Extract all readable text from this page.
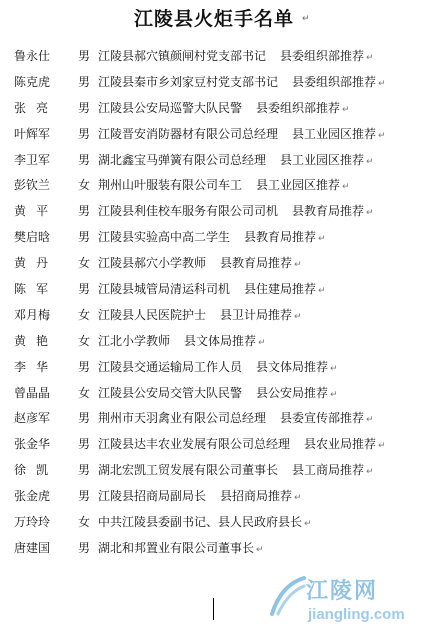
江陵县火炬手名单 ↵
鲁永仕	男 江陵县郝穴镇颜闸村党支部书记 县委组织部推荐 ↵
陈克虎	男 江陵县秦市乡刘家豆村党支部书记 县委组织部推荐 ↵
张亮	男 江陵县公安局巡警大队民警 县委组织部推荐 ↵
叶辉军	男 江陵晋安消防器材有限公司总经理 县工业园区推荐 ↵
李卫军	男 湖北鑫宝马弹簧有限公司总经理 县工业园区推荐 ↵
彭钦兰	女 荆州山叶服装有限公司车工 县工业园区推荐 ↵
黄平	男 江陵县利佳校车服务有限公司司机 县教育局推荐 ↵
樊启晗	男 江陵县实验高中高二学生 县教育局推荐 ↵
黄丹	女 江陵县郝穴小学教师 县教育局推荐 ↵
陈军	男 江陵县城管局清运科司机 县住建局推荐 ↵
邓月梅	女 江陵县人民医院护士 县卫计局推荐 ↵
黄艳	女 江北小学教师 县文体局推荐 ↵
李华	男 江陵县交通运输局工作人员 县文体局推荐 ↵
曾晶晶	女 江陵县公安局交管大队民警 县公安局推荐 ↵
赵彦军	男 荆州市天羽禽业有限公司总经理 县委宣传部推荐 ↵
张金华	男 江陵县达丰农业发展有限公司总经理 县农业局推荐 ↵
徐凯	男 湖北宏凯工贸发展有限公司董事长 县工商局推荐 ↵
张金虎	男 江陵县招商局副局长 县招商局推荐 ↵
万玲玲	女 中共江陵县委副书记、县人民政府县长 ↵
唐建国	男 湖北和邦置业有限公司董事长 ↵
江陵网
jiangling.com
